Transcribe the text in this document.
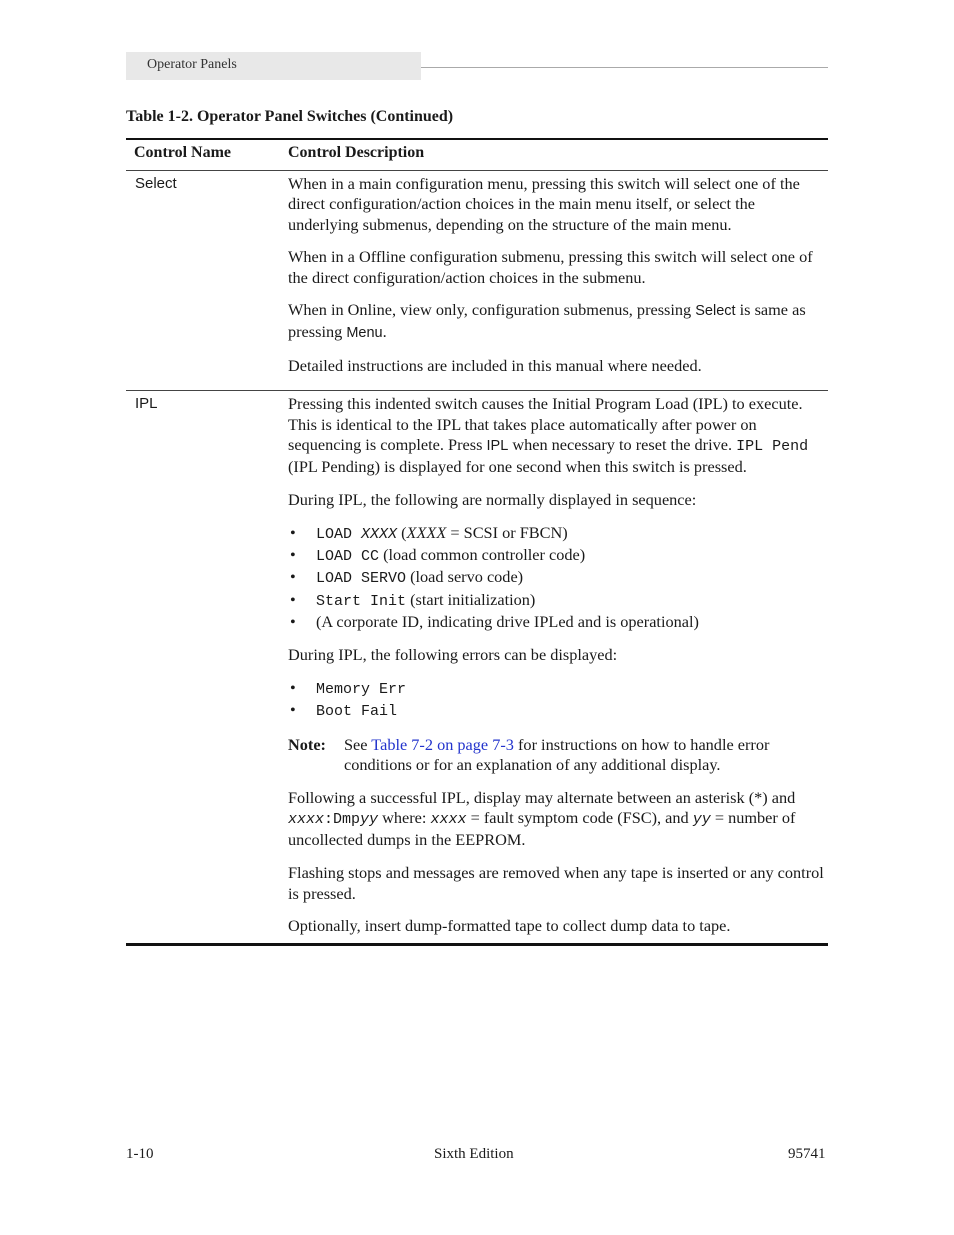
Operator Panels
Table 1-2. Operator Panel Switches (Continued)
Control Name	Control Description
Select	When in a main configuration menu, pressing this switch will select one of the direct configuration/action choices in the main menu itself, or select the underlying submenus, depending on the structure of the main menu.

When in a Offline configuration submenu, pressing this switch will select one of the direct configuration/action choices in the submenu.

When in Online, view only, configuration submenus, pressing Select is same as pressing Menu.

Detailed instructions are included in this manual where needed.

IPL	Pressing this indented switch causes the Initial Program Load (IPL) to execute. This is identical to the IPL that takes place automatically after power on sequencing is complete. Press IPL when necessary to reset the drive. IPL Pend (IPL Pending) is displayed for one second when this switch is pressed.

During IPL, the following are normally displayed in sequence:

• LOAD XXXX (XXXX = SCSI or FBCN)
• LOAD CC (load common controller code)
• LOAD SERVO (load servo code)
• Start Init (start initialization)
• (A corporate ID, indicating drive IPLed and is operational)

During IPL, the following errors can be displayed:

• Memory Err
• Boot Fail
Note:	See Table 7-2 on page 7-3 for instructions on how to handle error conditions or for an explanation of any additional display.

Following a successful IPL, display may alternate between an asterisk (*) and xxxx:Dmpyy where: xxxx = fault symptom code (FSC), and yy = number of uncollected dumps in the EEPROM.

Flashing stops and messages are removed when any tape is inserted or any control is pressed.

Optionally, insert dump-formatted tape to collect dump data to tape.

1-10	Sixth Edition	95741
